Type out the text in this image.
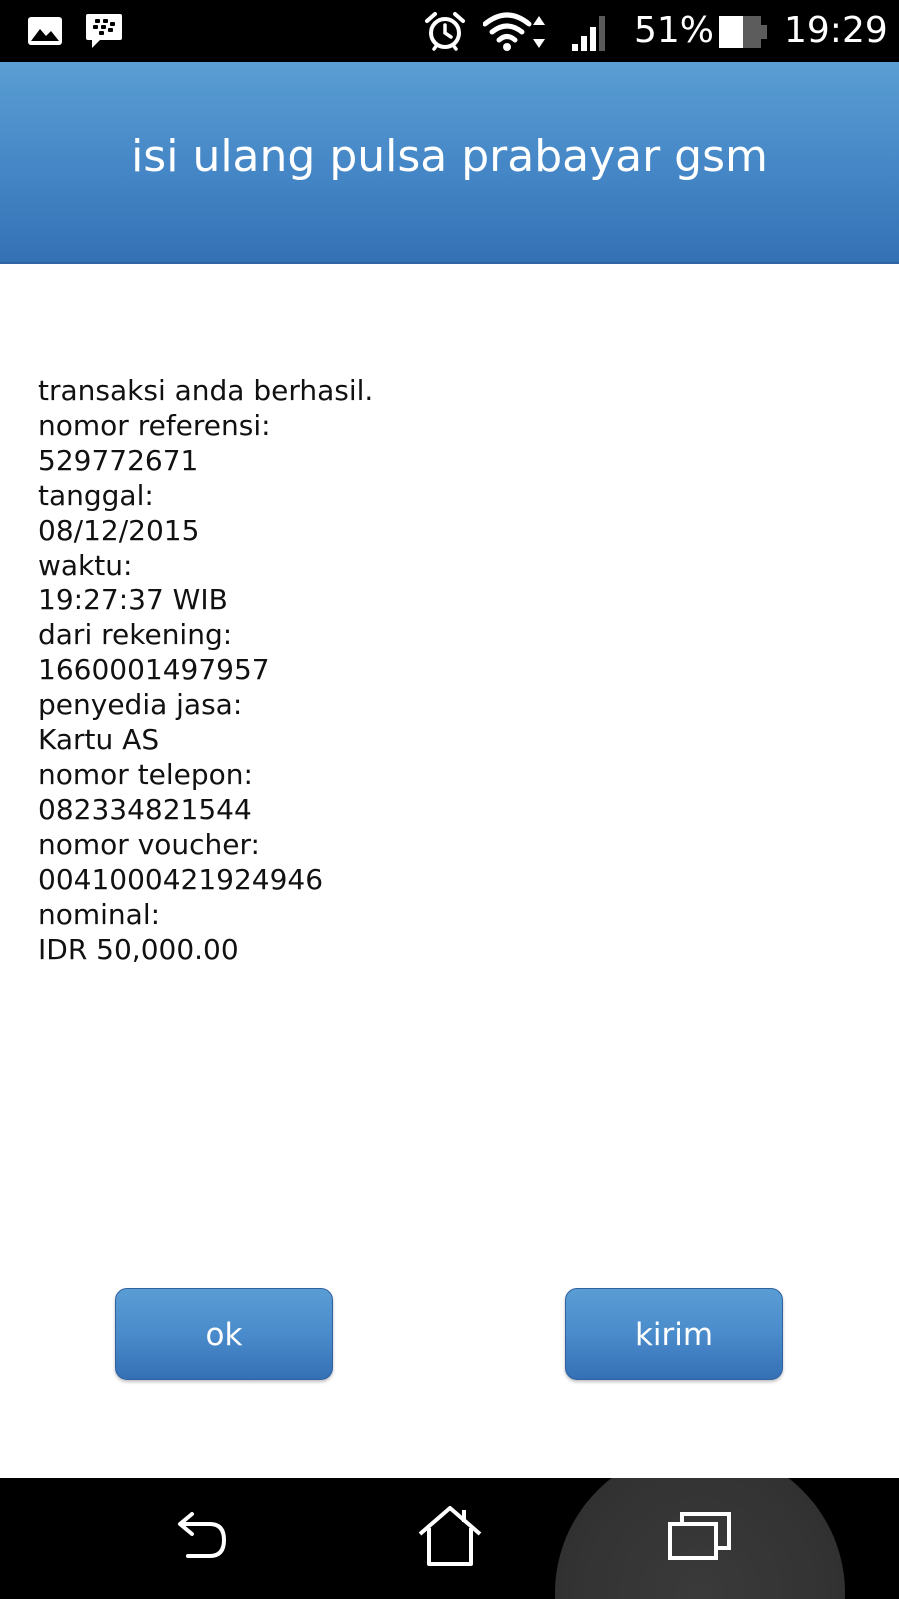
51% 19:29
isi ulang pulsa prabayar gsm
transaksi anda berhasil.
nomor referensi:
529772671
tanggal:
08/12/2015
waktu:
19:27:37 WIB
dari rekening:
1660001497957
penyedia jasa:
Kartu AS
nomor telepon:
082334821544
nomor voucher:
0041000421924946
nominal:
IDR 50,000.00
ok	kirim
